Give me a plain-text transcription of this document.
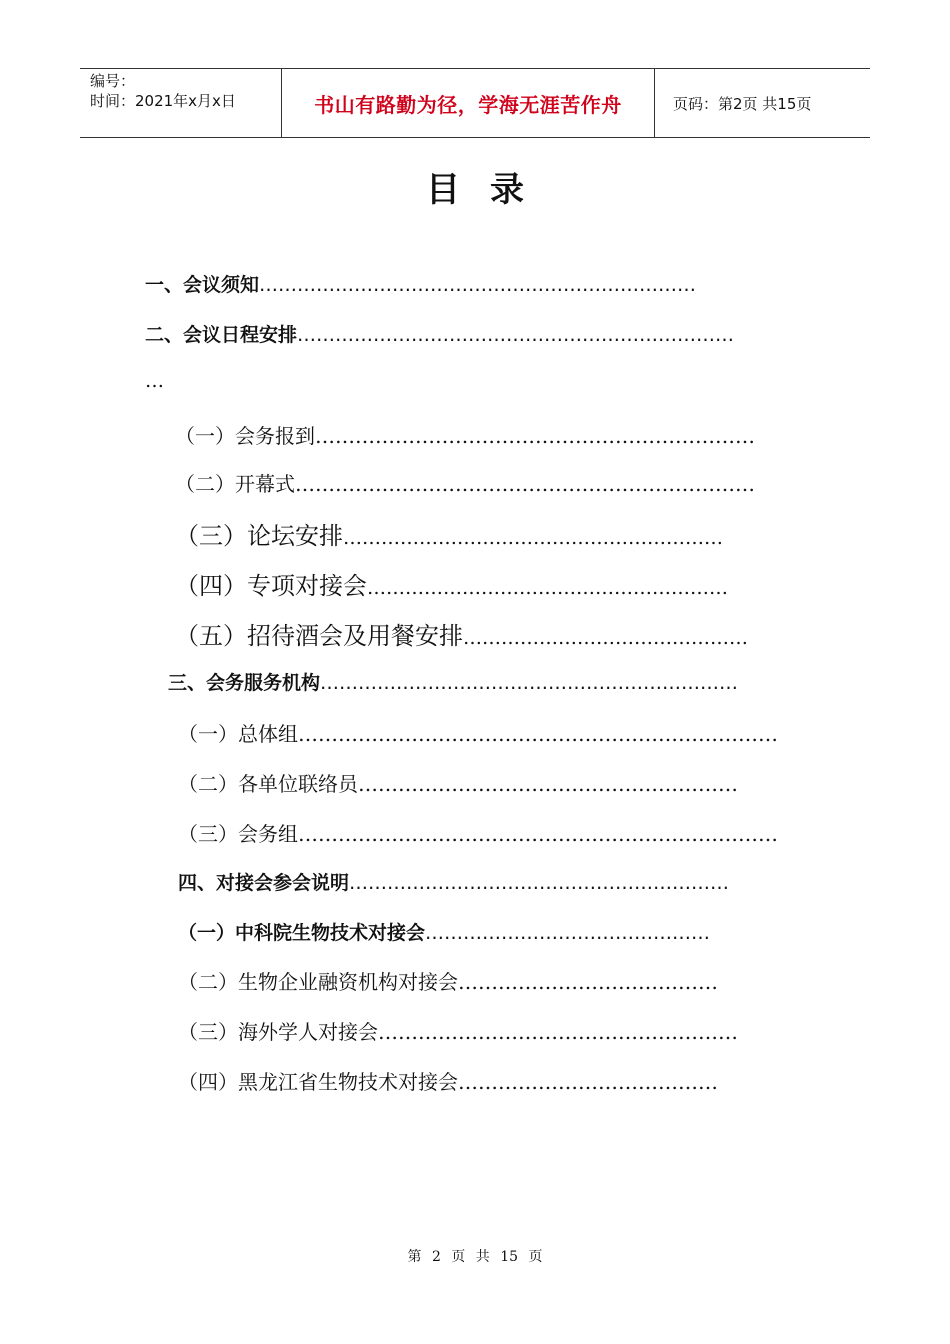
编号：
时间：2021年x月x日	书山有路勤为径，学海无涯苦作舟	页码：第2页 共15页
目录
一、会议须知……………………………………………………………
二、会议日程安排……………………………………………………………
…
（一）会务报到…………………………………………………………
（二）开幕式……………………………………………………………
（三）论坛安排……………………………………………………
（四）专项对接会…………………………………………………
（五）招待酒会及用餐安排………………………………………
三、会务服务机构…………………………………………………………
（一）总体组………………………………………………………………
（二）各单位联络员…………………………………………………
（三）会务组………………………………………………………………
四、对接会参会说明……………………………………………………
（一）中科院生物技术对接会………………………………………
（二）生物企业融资机构对接会…………………………………
（三）海外学人对接会………………………………………………
（四）黑龙江省生物技术对接会…………………………………
第 2 页 共 15 页
